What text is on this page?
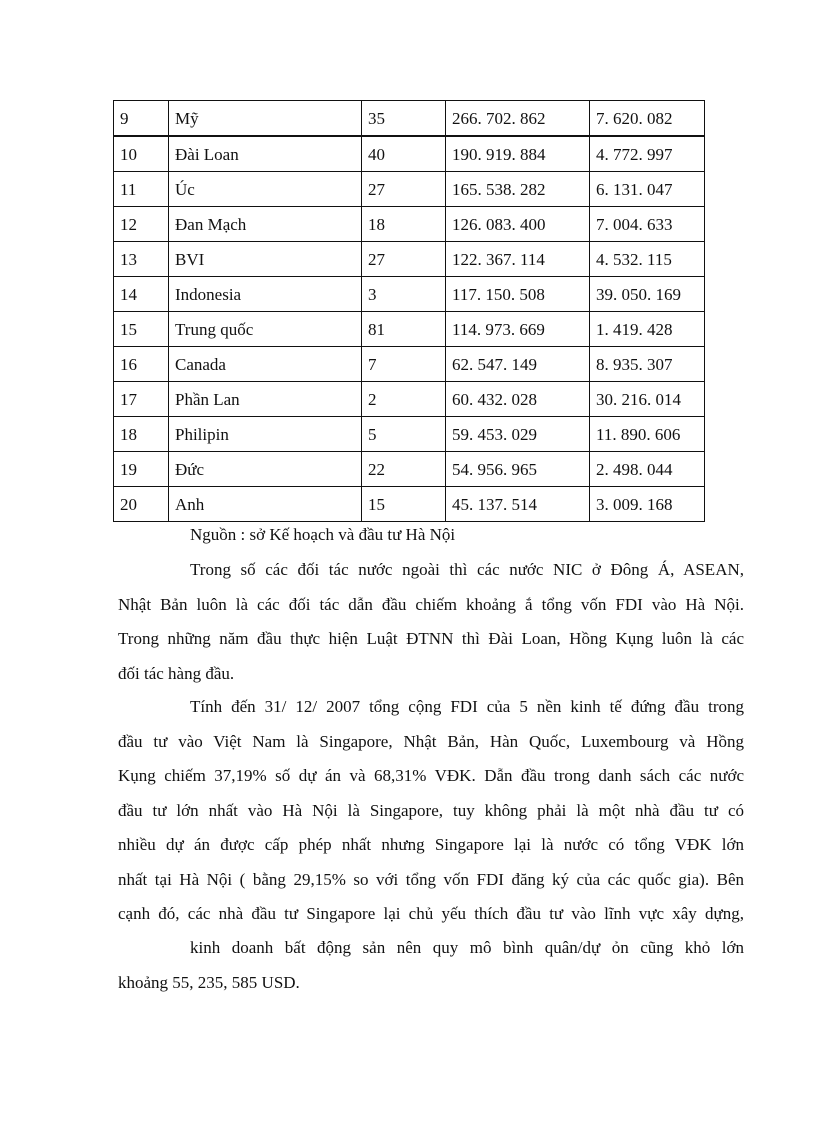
9	Mỹ	35	266. 702. 862	7. 620. 082
10	Đài Loan	40	190. 919. 884	4. 772. 997
11	Úc	27	165. 538. 282	6. 131. 047
12	Đan Mạch	18	126. 083. 400	7. 004. 633
13	BVI	27	122. 367. 114	4. 532. 115
14	Indonesia	3	117. 150. 508	39. 050. 169
15	Trung quốc	81	114. 973. 669	1. 419. 428
16	Canada	7	62. 547. 149	8. 935. 307
17	Phần Lan	2	60. 432. 028	30. 216. 014
18	Philipin	5	59. 453. 029	11. 890. 606
19	Đức	22	54. 956. 965	2. 498. 044
20	Anh	15	45. 137. 514	3. 009. 168
Nguồn : sở Kế hoạch và đầu tư Hà Nội

Trong số các đối tác nước ngoài thì các nước NIC ở Đông Á, ASEAN,
Nhật Bản luôn là các đối tác dẫn đầu chiếm khoảng ắ tổng vốn FDI vào Hà Nội.
Trong những năm đầu thực hiện Luật ĐTNN thì Đài Loan, Hồng Kụng luôn là các
đối tác hàng đầu.

Tính đến 31/ 12/ 2007 tổng cộng FDI của 5 nền kinh tế đứng đầu trong
đầu tư vào Việt Nam là Singapore, Nhật Bản, Hàn Quốc, Luxembourg và Hồng
Kụng chiếm 37,19% số dự án và 68,31% VĐK. Dẫn đầu trong danh sách các nước
đầu tư lớn nhất vào Hà Nội là Singapore, tuy không phải là một nhà đầu tư có
nhiều dự án được cấp phép nhất nhưng Singapore lại là nước có tổng VĐK lớn
nhất tại Hà Nội ( bằng 29,15% so với tổng vốn FDI đăng ký của các quốc gia). Bên
cạnh đó, các nhà đầu tư Singapore lại chủ yếu thích đầu tư vào lĩnh vực xây dựng,

kinh doanh bất động sản nên quy mô bình quân/dự ỏn cũng khỏ lớn
khoảng 55, 235, 585 USD.
